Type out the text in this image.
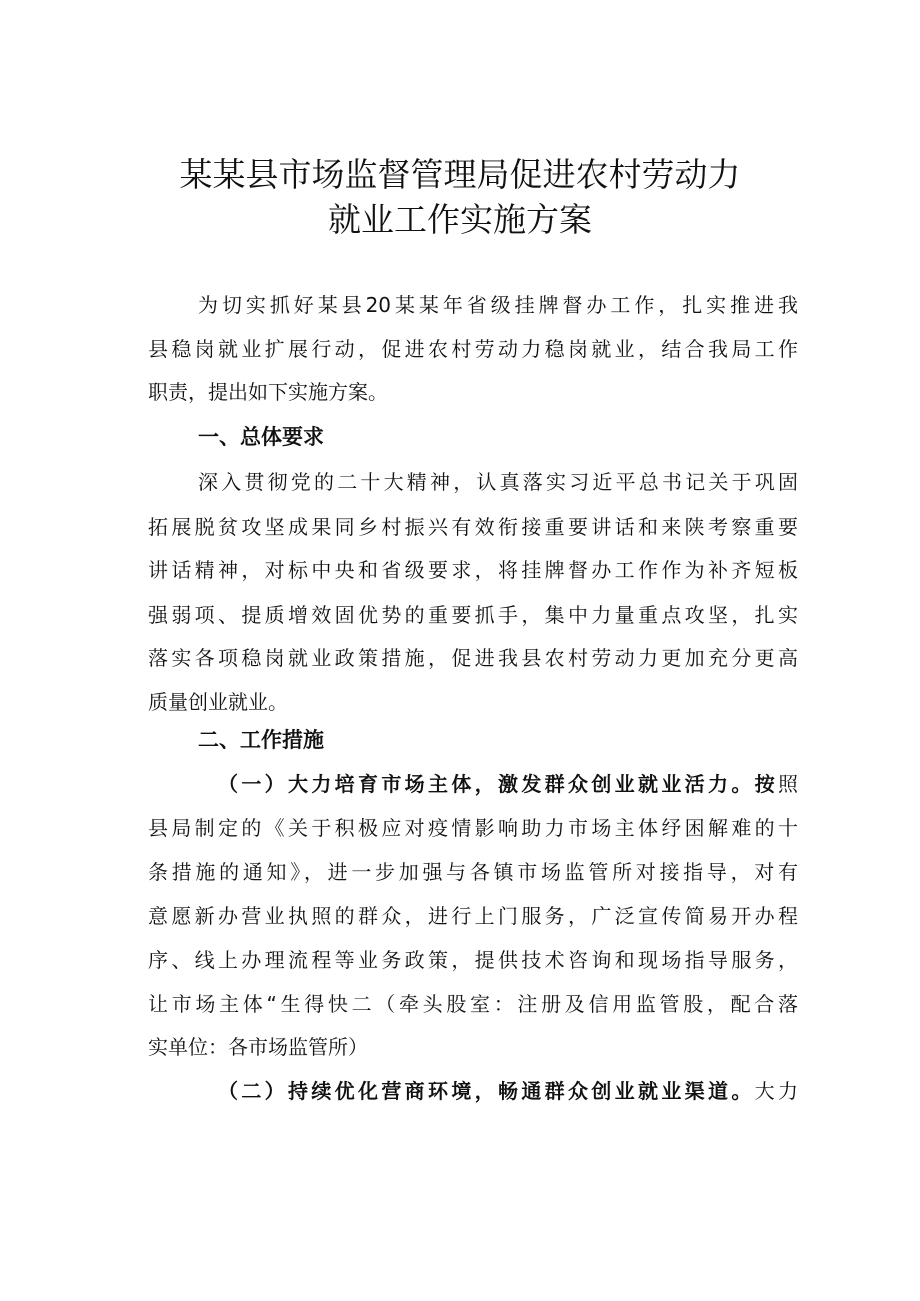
某某县市场监督管理局促进农村劳动力
就业工作实施方案
为切实抓好某县20某某年省级挂牌督办工作，扎实推进我
县稳岗就业扩展行动，促进农村劳动力稳岗就业，结合我局工作
职责，提出如下实施方案。
一、总体要求
深入贯彻党的二十大精神，认真落实习近平总书记关于巩固
拓展脱贫攻坚成果同乡村振兴有效衔接重要讲话和来陕考察重要
讲话精神，对标中央和省级要求，将挂牌督办工作作为补齐短板
强弱项、提质增效固优势的重要抓手，集中力量重点攻坚，扎实
落实各项稳岗就业政策措施，促进我县农村劳动力更加充分更高
质量创业就业。
二、工作措施
（一）大力培育市场主体，激发群众创业就业活力。按照
县局制定的《关于积极应对疫情影响助力市场主体纾困解难的十
条措施的通知》，进一步加强与各镇市场监管所对接指导，对有
意愿新办营业执照的群众，进行上门服务，广泛宣传简易开办程
序、线上办理流程等业务政策，提供技术咨询和现场指导服务，
让市场主体“生得快二（牵头股室：注册及信用监管股，配合落
实单位：各市场监管所）
（二）持续优化营商环境，畅通群众创业就业渠道。大力
